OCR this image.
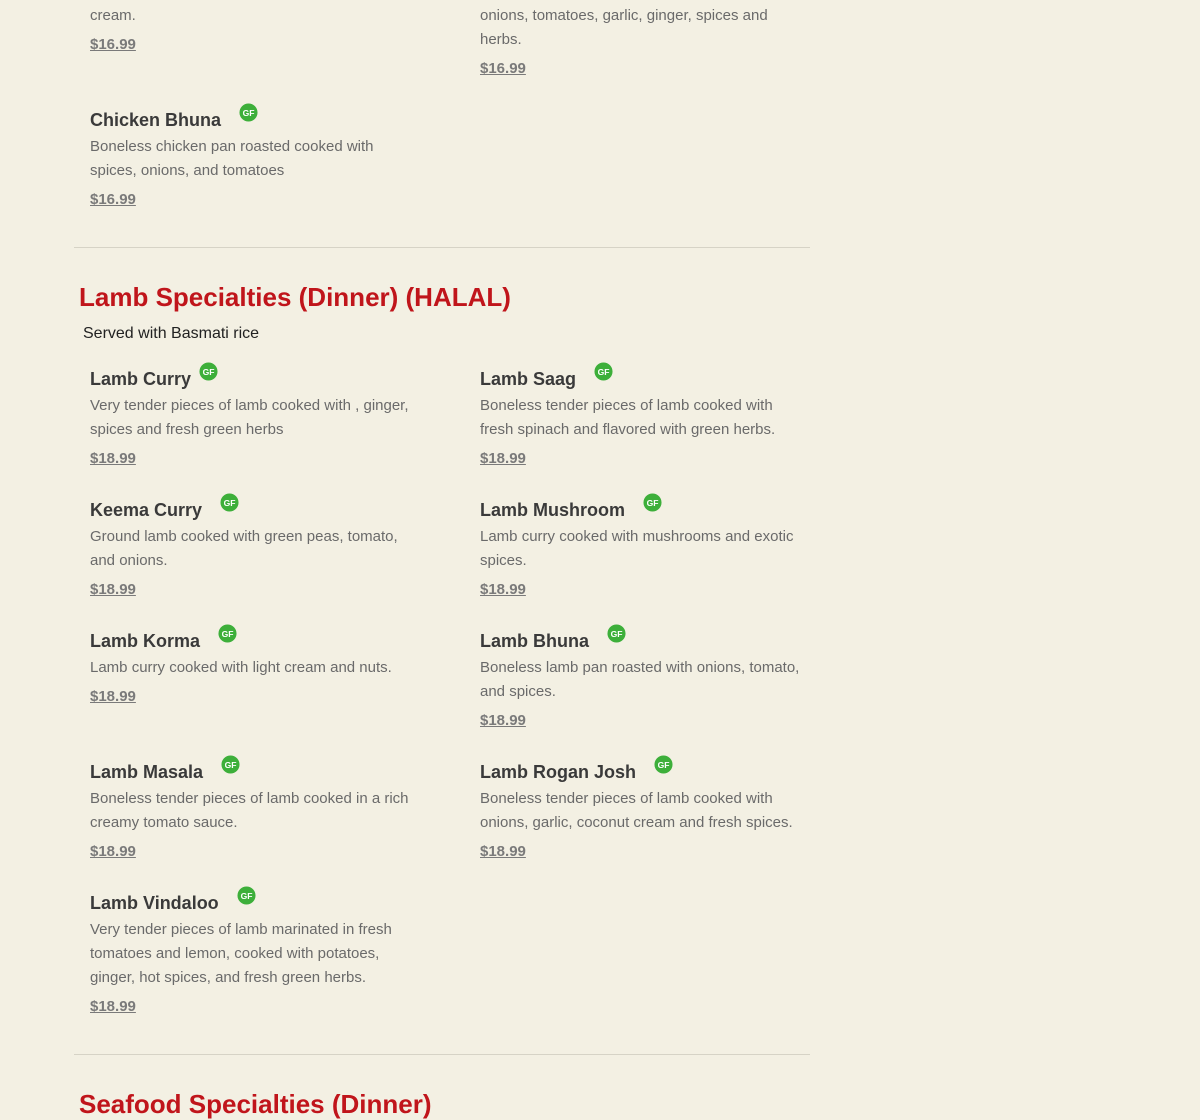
cream.
$16.99
onions, tomatoes, garlic, ginger, spices and herbs.
$16.99
Chicken Bhuna
Boneless chicken pan roasted cooked with spices, onions, and tomatoes
$16.99
Lamb Specialties (Dinner) (HALAL)
Served with Basmati rice
Lamb Curry
Very tender pieces of lamb cooked with , ginger, spices and fresh green herbs
$18.99
Lamb Saag
Boneless tender pieces of lamb cooked with fresh spinach and flavored with green herbs.
$18.99
Keema Curry
Ground lamb cooked with green peas, tomato, and onions.
$18.99
Lamb Mushroom
Lamb curry cooked with mushrooms and exotic spices.
$18.99
Lamb Korma
Lamb curry cooked with light cream and nuts.
$18.99
Lamb Bhuna
Boneless lamb pan roasted with onions, tomato, and spices.
$18.99
Lamb Masala
Boneless tender pieces of lamb cooked in a rich creamy tomato sauce.
$18.99
Lamb Rogan Josh
Boneless tender pieces of lamb cooked with onions, garlic, coconut cream and fresh spices.
$18.99
Lamb Vindaloo
Very tender pieces of lamb marinated in fresh tomatoes and lemon, cooked with potatoes, ginger, hot spices, and fresh green herbs.
$18.99
Seafood Specialties (Dinner)
